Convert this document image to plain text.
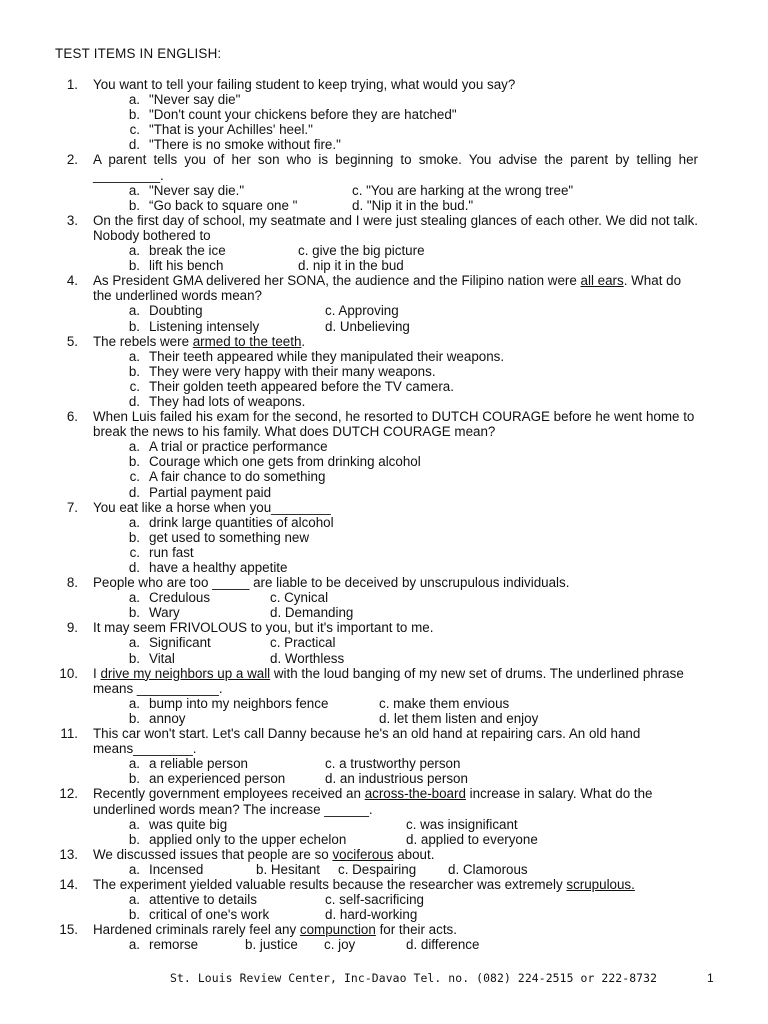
TEST ITEMS IN ENGLISH:
1.	You want to tell your failing student to keep trying, what would you say?
a. "Never say die"
b. "Don't count your chickens before they are hatched"
c. "That is your Achilles' heel."
d. "There is no smoke without fire."
2.	A parent tells you of her son who is beginning to smoke. You advise the parent by telling her _________.
a. "Never say die."	c. "You are harking at the wrong tree"
b. “Go back to square one "	d. "Nip it in the bud."
3.	On the first day of school, my seatmate and I were just stealing glances of each other. We did not talk. Nobody bothered to
a. break the ice	c. give the big picture
b. lift his bench	d. nip it in the bud
4.	As President GMA delivered her SONA, the audience and the Filipino nation were all ears. What do the underlined words mean?
a. Doubting	c. Approving
b. Listening intensely	d. Unbelieving
5.	The rebels were armed to the teeth.
a. Their teeth appeared while they manipulated their weapons.
b. They were very happy with their many weapons.
c. Their golden teeth appeared before the TV camera.
d. They had lots of weapons.
6.	When Luis failed his exam for the second, he resorted to DUTCH COURAGE before he went home to break the news to his family. What does DUTCH COURAGE mean?
a. A trial or practice performance
b. Courage which one gets from drinking alcohol
c. A fair chance to do something
d. Partial payment paid
7.	You eat like a horse when you________
a. drink large quantities of alcohol
b. get used to something new
c. run fast
d. have a healthy appetite
8.	People who are too _____ are liable to be deceived by unscrupulous individuals.
a. Credulous	c. Cynical
b. Wary	d. Demanding
9.	It may seem FRIVOLOUS to you, but it's important to me.
a. Significant	c. Practical
b. Vital	d. Worthless
10.	I drive my neighbors up a wall with the loud banging of my new set of drums. The underlined phrase means ___________.
a. bump into my neighbors fence	c. make them envious
b. annoy	d. let them listen and enjoy
11.	This car won't start. Let's call Danny because he's an old hand at repairing cars. An old hand means________.
a. a reliable person	c. a trustworthy person
b. an experienced person	d. an industrious person
12.	Recently government employees received an across-the-board increase in salary. What do the underlined words mean? The increase ______.
a. was quite big	c. was insignificant
b. applied only to the upper echelon	d. applied to everyone
13.	We discussed issues that people are so vociferous about.
a. Incensed	b. Hesitant c. Despairing d. Clamorous
14.	The experiment yielded valuable results because the researcher was extremely scrupulous.
a. attentive to details	c. self-sacrificing
b. critical of one's work	d. hard-working
15.	Hardened criminals rarely feel any compunction for their acts.
a. remorse	b. justice c. joy	d. difference
St. Louis Review Center, Inc-Davao Tel. no. (082) 224-2515 or 222-8732	1
